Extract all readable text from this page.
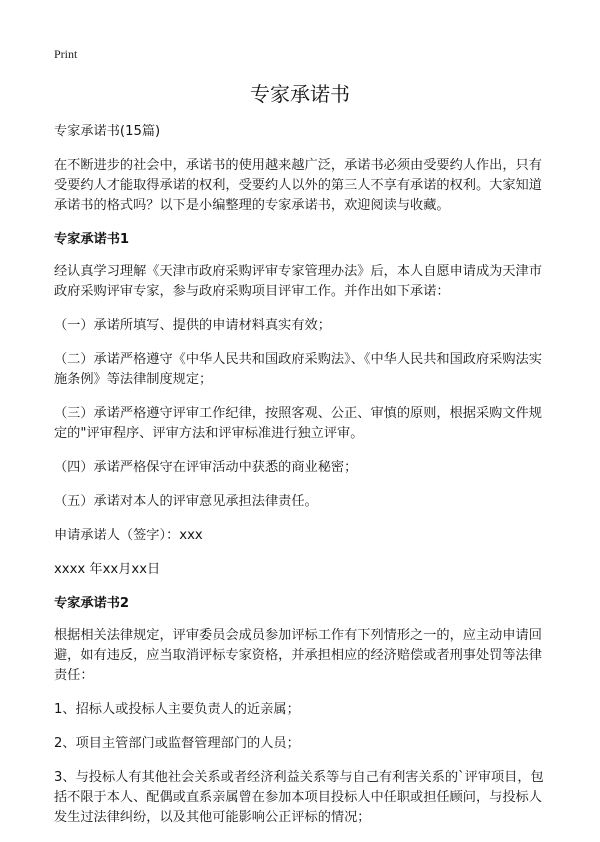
Print
专家承诺书

专家承诺书(15篇)

在不断进步的社会中，承诺书的使用越来越广泛，承诺书必须由受要约人作出，只有受要约人才能取得承诺的权利，受要约人以外的第三人不享有承诺的权利。大家知道承诺书的格式吗？以下是小编整理的专家承诺书，欢迎阅读与收藏。

专家承诺书1

经认真学习理解《天津市政府采购评审专家管理办法》后，本人自愿申请成为天津市政府采购评审专家，参与政府采购项目评审工作。并作出如下承诺：

（一）承诺所填写、提供的申请材料真实有效；

（二）承诺严格遵守《中华人民共和国政府采购法》、《中华人民共和国政府采购法实施条例》等法律制度规定；

（三）承诺严格遵守评审工作纪律，按照客观、公正、审慎的原则，根据采购文件规定的"评审程序、评审方法和评审标准进行独立评审。

（四）承诺严格保守在评审活动中获悉的商业秘密；

（五）承诺对本人的评审意见承担法律责任。

申请承诺人（签字）：xxx

xxxx 年xx月xx日

专家承诺书2

根据相关法律规定，评审委员会成员参加评标工作有下列情形之一的，应主动申请回避，如有违反，应当取消评标专家资格，并承担相应的经济赔偿或者刑事处罚等法律责任：

1、招标人或投标人主要负责人的近亲属；

2、项目主管部门或监督管理部门的人员；

3、与投标人有其他社会关系或者经济利益关系等与自己有利害关系的`评审项目，包括不限于本人、配偶或直系亲属曾在参加本项目投标人中任职或担任顾问，与投标人发生过法律纠纷，以及其他可能影响公正评标的情况；
